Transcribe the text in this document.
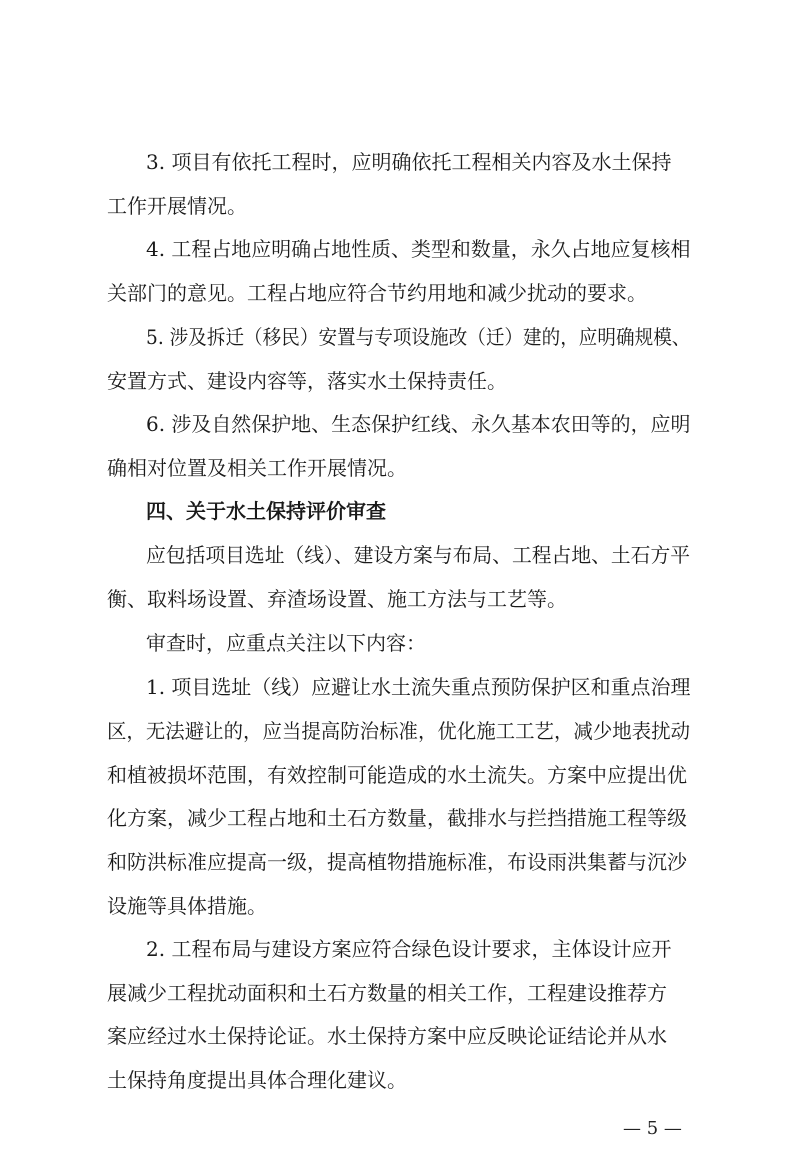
3. 项目有依托工程时，应明确依托工程相关内容及水土保持
工作开展情况。
4. 工程占地应明确占地性质、类型和数量，永久占地应复核相
关部门的意见。工程占地应符合节约用地和减少扰动的要求。
5. 涉及拆迁（移民）安置与专项设施改（迁）建的，应明确规模、
安置方式、建设内容等，落实水土保持责任。
6. 涉及自然保护地、生态保护红线、永久基本农田等的，应明
确相对位置及相关工作开展情况。
四、关于水土保持评价审查
应包括项目选址（线）、建设方案与布局、工程占地、土石方平
衡、取料场设置、弃渣场设置、施工方法与工艺等。
审查时，应重点关注以下内容：
1. 项目选址（线）应避让水土流失重点预防保护区和重点治理
区，无法避让的，应当提高防治标准，优化施工工艺，减少地表扰动
和植被损坏范围，有效控制可能造成的水土流失。方案中应提出优
化方案，减少工程占地和土石方数量，截排水与拦挡措施工程等级
和防洪标准应提高一级，提高植物措施标准，布设雨洪集蓄与沉沙
设施等具体措施。
2. 工程布局与建设方案应符合绿色设计要求，主体设计应开
展减少工程扰动面积和土石方数量的相关工作，工程建设推荐方
案应经过水土保持论证。水土保持方案中应反映论证结论并从水
土保持角度提出具体合理化建议。
— 5 —
